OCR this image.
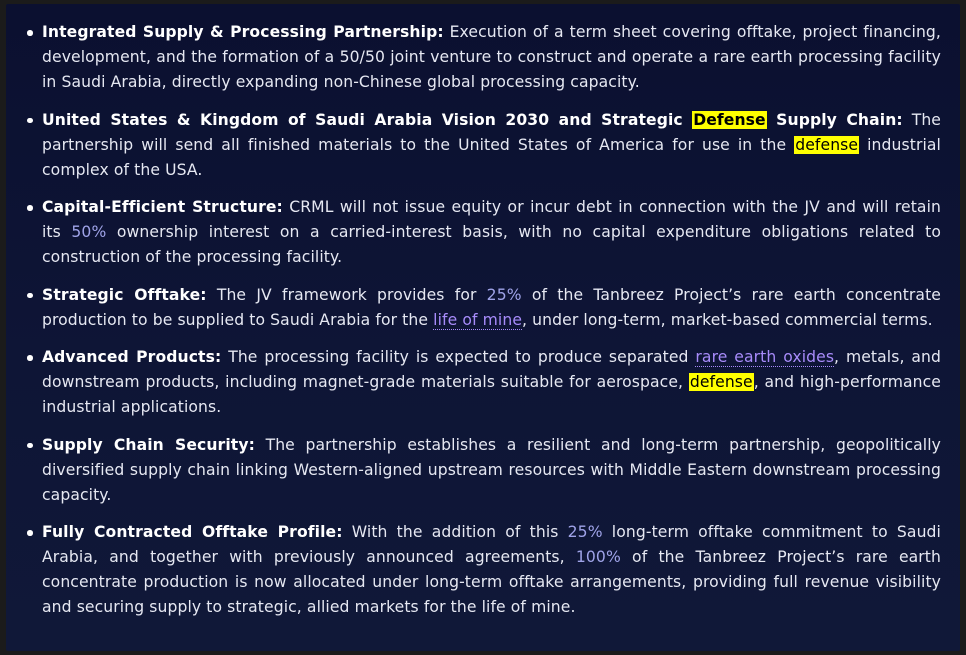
Integrated Supply & Processing Partnership: Execution of a term sheet covering offtake, project financing, development, and the formation of a 50/50 joint venture to construct and operate a rare earth processing facility in Saudi Arabia, directly expanding non-Chinese global processing capacity.
United States & Kingdom of Saudi Arabia Vision 2030 and Strategic Defense Supply Chain: The partnership will send all finished materials to the United States of America for use in the defense industrial complex of the USA.
Capital-Efficient Structure: CRML will not issue equity or incur debt in connection with the JV and will retain its 50% ownership interest on a carried-interest basis, with no capital expenditure obligations related to construction of the processing facility.
Strategic Offtake: The JV framework provides for 25% of the Tanbreez Project’s rare earth concentrate production to be supplied to Saudi Arabia for the life of mine, under long-term, market-based commercial terms.
Advanced Products: The processing facility is expected to produce separated rare earth oxides, metals, and downstream products, including magnet-grade materials suitable for aerospace, defense, and high-performance industrial applications.
Supply Chain Security: The partnership establishes a resilient and long-term partnership, geopolitically diversified supply chain linking Western-aligned upstream resources with Middle Eastern downstream processing capacity.
Fully Contracted Offtake Profile: With the addition of this 25% long-term offtake commitment to Saudi Arabia, and together with previously announced agreements, 100% of the Tanbreez Project’s rare earth concentrate production is now allocated under long-term offtake arrangements, providing full revenue visibility and securing supply to strategic, allied markets for the life of mine.
